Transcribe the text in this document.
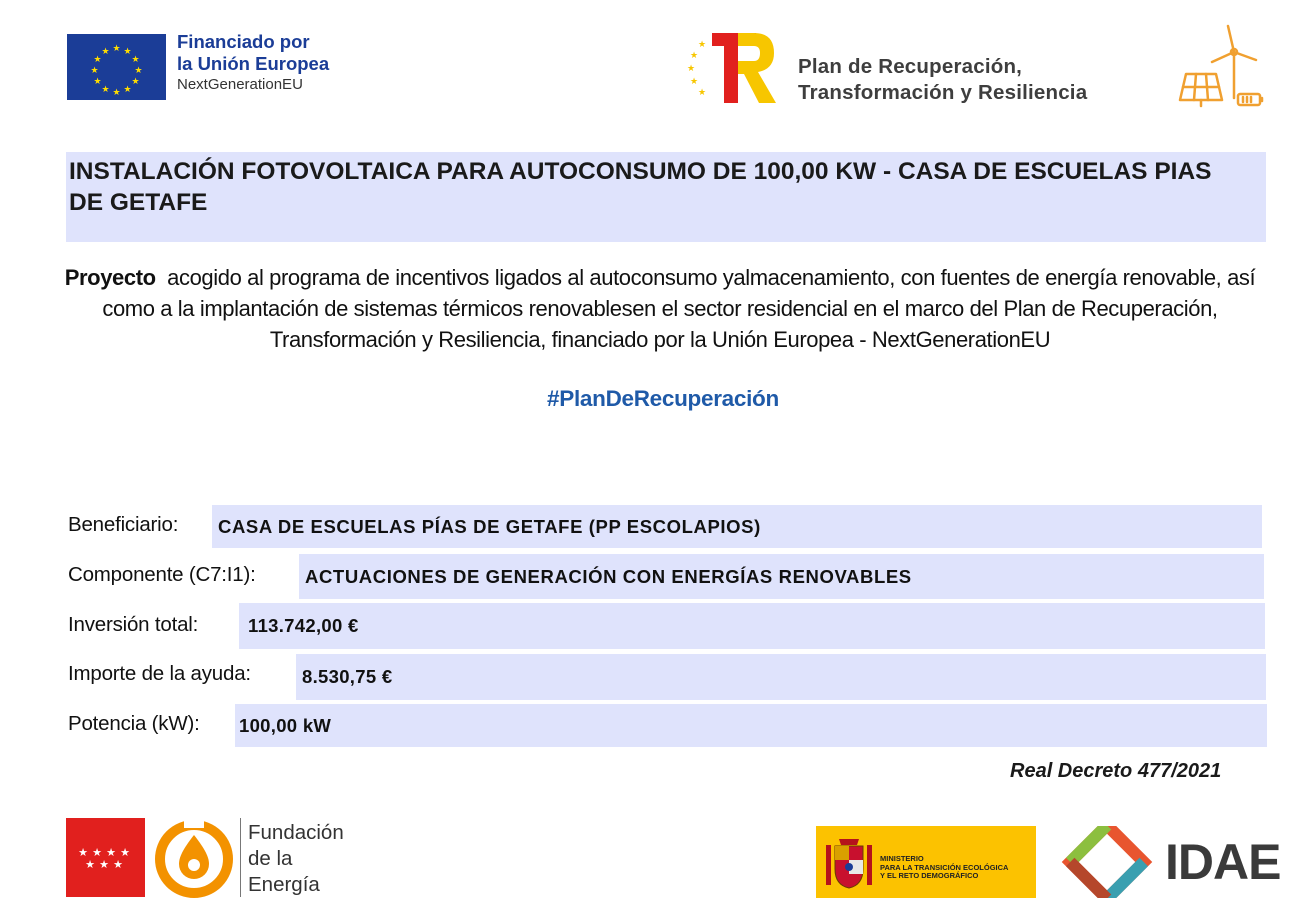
★ ★
★
★
★
★
★
★
★
★
★
★	Financiado por
la Unión Europea
NextGenerationEU
★
★
★
★
★
Plan de Recuperación,
Transformación y Resiliencia
INSTALACIÓN FOTOVOLTAICA PARA AUTOCONSUMO DE 100,00 KW - CASA DE ESCUELAS PIAS DE GETAFE
Proyecto acogido al programa de incentivos ligados al autoconsumo yalmacenamiento, con fuentes de energía renovable, así como a la implantación de sistemas térmicos renovablesen el sector residencial en el marco del Plan de Recuperación, Transformación y Resiliencia, financiado por la Unión Europea - NextGenerationEU
#PlanDeRecuperación
Beneficiario: CASA DE ESCUELAS PÍAS DE GETAFE (PP ESCOLAPIOS)
Componente (C7:I1):	ACTUACIONES DE GENERACIÓN CON ENERGÍAS RENOVABLES
Inversión total:	113.742,00 €
Importe de la ayuda:	8.530,75 €
Potencia (kW): 100,00 kW
Real Decreto 477/2021
★ ★ ★ ★
★ ★ ★
Fundación
de la
Energía
MINISTERIO
PARA LA TRANSICIÓN ECOLÓGICA
Y EL RETO DEMOGRÁFICO	IDAE
